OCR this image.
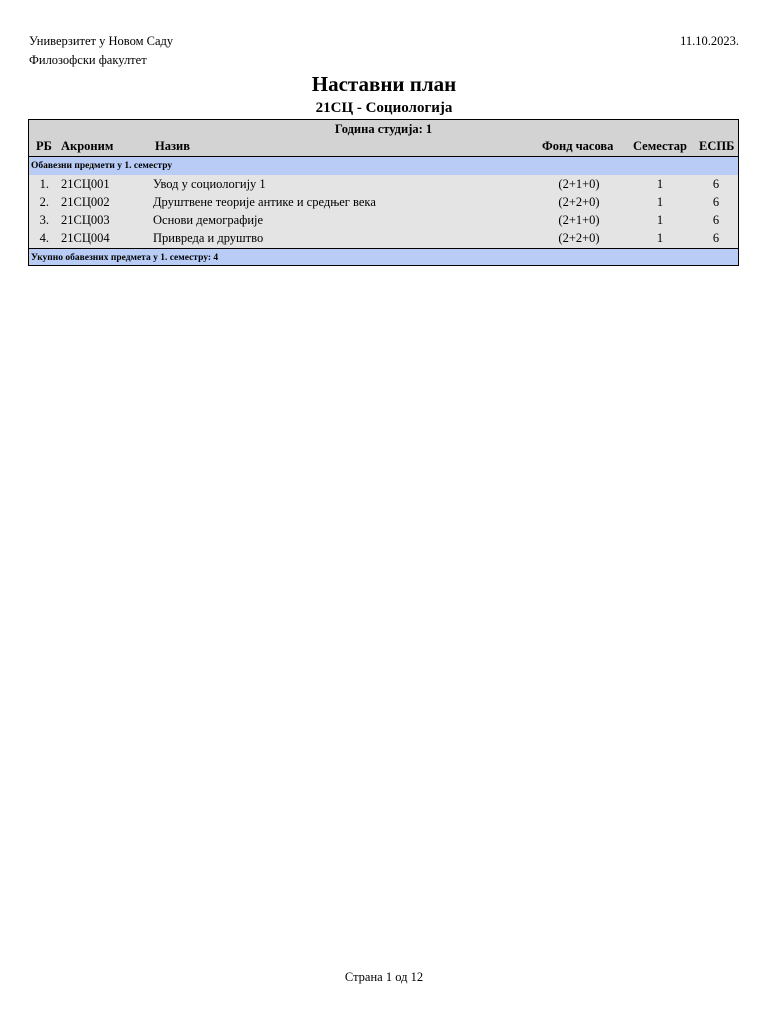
Универзитет у Новом Саду
Филозофски факултет
11.10.2023.
Наставни план
21СЦ - Социологија
Година студија: 1
РБ Акроним	Назив	Фонд часова Семестар ЕСПБ
Обавезни предмети у 1. семестру
1. 21СЦ001	Увод у социологију 1	(2+1+0)	1	6
2. 21СЦ002	Друштвене теорије антике и средњег века	(2+2+0)	1	6
3. 21СЦ003	Основи демографије	(2+1+0)	1	6
4. 21СЦ004	Привреда и друштво	(2+2+0)	1	6
Укупно обавезних предмета у 1. семестру: 4
Страна 1 од 12
